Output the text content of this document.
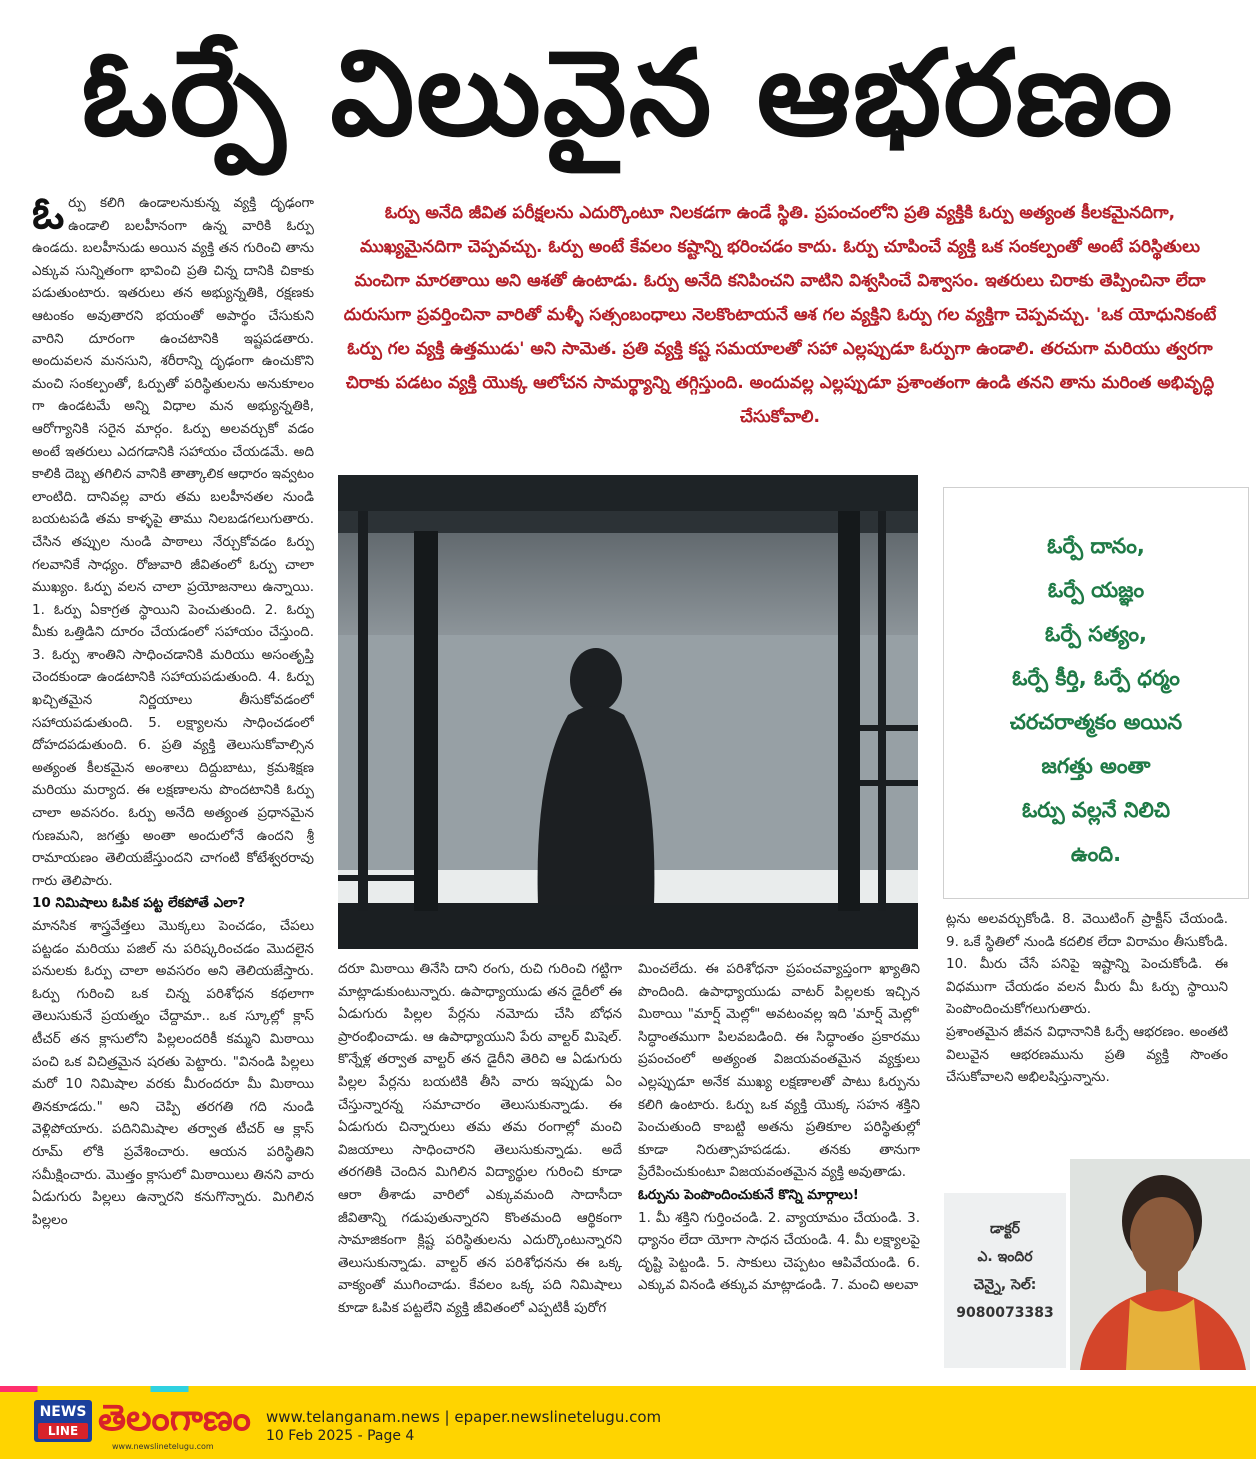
ఓర్పే విలువైన ఆభరణం

ఓర్పు కలిగి ఉండాలనుకున్న వ్యక్తి దృఢంగా ఉండాలి బలహీనంగా ఉన్న వారికి ఓర్పు ఉండదు. బలహీనుడు అయిన వ్యక్తి తన గురించి తాను ఎక్కువ సున్నితంగా భావించి ప్రతి చిన్న దానికి చికాకు పడుతుంటారు. ఇతరులు తన అభ్యున్నతికి, రక్షణకు ఆటంకం అవుతారని భయంతో అపార్థం చేసుకుని వారిని దూరంగా ఉంచటానికి ఇష్టపడతారు. అందువలన మనసుని, శరీరాన్ని దృఢంగా ఉంచుకొని మంచి సంకల్పంతో, ఓర్పుతో పరిస్థితులను అనుకూలం గా ఉండటమే అన్ని విధాల మన అభ్యున్నతికి, ఆరోగ్యానికి సరైన మార్గం. ఓర్పు అలవర్చుకో వడం అంటే ఇతరులు ఎదగడానికి సహాయం చేయడమే. అది కాలికి దెబ్బ తగిలిన వానికి తాత్కాలిక ఆధారం ఇవ్వటం లాంటిది. దానివల్ల వారు తమ బలహీనతల నుండి బయటపడి తమ కాళ్ళపై తాము నిలబడగలుగుతారు. చేసిన తప్పుల నుండి పాఠాలు నేర్చుకోవడం ఓర్పు గలవానికే సాధ్యం. రోజువారి జీవితంలో ఓర్పు చాలా ముఖ్యం. ఓర్పు వలన చాలా ప్రయోజనాలు ఉన్నాయి. 1. ఓర్పు ఏకాగ్రత స్థాయిని పెంచుతుంది. 2. ఓర్పు మీకు ఒత్తిడిని దూరం చేయడంలో సహాయం చేస్తుంది. 3. ఓర్పు శాంతిని సాధించడానికి మరియు అసంతృప్తి చెందకుండా ఉండటానికి సహాయపడుతుంది. 4. ఓర్పు ఖచ్చితమైన నిర్ణయాలు తీసుకోవడంలో సహాయపడుతుంది. 5. లక్ష్యాలను సాధించడంలో దోహదపడుతుంది. 6. ప్రతి వ్యక్తి తెలుసుకోవాల్సిన అత్యంత కీలకమైన అంశాలు దిద్దుబాటు, క్రమశిక్షణ మరియు మర్యాద. ఈ లక్షణాలను పొందటానికి ఓర్పు చాలా అవసరం. ఓర్పు అనేది అత్యంత ప్రధానమైన గుణమని, జగత్తు అంతా అందులోనే ఉందని శ్రీ రామాయణం తెలియజేస్తుందని చాగంటి కోటేశ్వరరావు గారు తెలిపారు.

10 నిమిషాలు ఓపిక పట్ట లేకపోతే ఎలా?

మానసిక శాస్త్రవేత్తలు మొక్కలు పెంచడం, చేపలు పట్టడం మరియు పజిల్ ను పరిష్కరించడం మొదలైన పనులకు ఓర్పు చాలా అవసరం అని తెలియజేస్తారు. ఓర్పు గురించి ఒక చిన్న పరిశోధన కథలాగా తెలుసుకునే ప్రయత్నం చేద్దామా.. ఒక స్కూల్లో క్లాస్ టీచర్ తన క్లాసులోని పిల్లలందరికీ కమ్మని మిఠాయి పంచి ఒక విచిత్రమైన షరతు పెట్టారు. "వినండి పిల్లలు మరో 10 నిమిషాల వరకు మీరందరూ మీ మిఠాయి తినకూడదు." అని చెప్పి తరగతి గది నుండి వెళ్లిపోయారు. పదినిమిషాల తర్వాత టీచర్ ఆ క్లాస్ రూమ్ లోకి ప్రవేశించారు. ఆయన పరిస్థితిని సమీక్షించారు. మొత్తం క్లాసులో మిఠాయిలు తినని వారు ఏడుగురు పిల్లలు ఉన్నారని కనుగొన్నారు. మిగిలిన పిల్లలం

ఓర్పు అనేది జీవిత పరీక్షలను ఎదుర్కొంటూ నిలకడగా ఉండే స్థితి. ప్రపంచంలోని ప్రతి వ్యక్తికి ఓర్పు అత్యంత కీలకమైనదిగా, ముఖ్యమైనదిగా చెప్పవచ్చు. ఓర్పు అంటే కేవలం కష్టాన్ని భరించడం కాదు. ఓర్పు చూపించే వ్యక్తి ఒక సంకల్పంతో అంటే పరిస్థితులు మంచిగా మారతాయి అని ఆశతో ఉంటాడు. ఓర్పు అనేది కనిపించని వాటిని విశ్వసించే విశ్వాసం. ఇతరులు చిరాకు తెప్పించినా లేదా దురుసుగా ప్రవర్తించినా వారితో మళ్ళీ సత్సంబంధాలు నెలకొంటాయనే ఆశ గల వ్యక్తిని ఓర్పు గల వ్యక్తిగా చెప్పవచ్చు. 'ఒక యోధునికంటే ఓర్పు గల వ్యక్తి ఉత్తముడు' అని సామెత. ప్రతి వ్యక్తి కష్ట సమయాలతో సహా ఎల్లప్పుడూ ఓర్పుగా ఉండాలి. తరచుగా మరియు త్వరగా చిరాకు పడటం వ్యక్తి యొక్క ఆలోచన సామర్థ్యాన్ని తగ్గిస్తుంది. అందువల్ల ఎల్లప్పుడూ ప్రశాంతంగా ఉండి తనని తాను మరింత అభివృద్ధి చేసుకోవాలి.
ఓర్పే దానం,
ఓర్పే యజ్ఞం
ఓర్పే సత్యం,
ఓర్పే కీర్తి, ఓర్పే ధర్మం
చరచరాత్మకం అయిన
జగత్తు అంతా
ఓర్పు వల్లనే నిలిచి
ఉంది.

దరూ మిఠాయి తినేసి దాని రంగు, రుచి గురించి గట్టిగా మాట్లాడుకుంటున్నారు. ఉపాధ్యాయుడు తన డైరీలో ఈ ఏడుగురు పిల్లల పేర్లను నమోదు చేసి బోధన ప్రారంభించాడు. ఆ ఉపాధ్యాయుని పేరు వాల్టర్ మిషెల్. కొన్నేళ్ల తర్వాత వాల్టర్ తన డైరీని తెరిచి ఆ ఏడుగురు పిల్లల పేర్లను బయటికి తీసి వారు ఇప్పుడు ఏం చేస్తున్నారన్న సమాచారం తెలుసుకున్నాడు. ఈ ఏడుగురు చిన్నారులు తమ తమ రంగాల్లో మంచి విజయాలు సాధించారని తెలుసుకున్నాడు. అదే తరగతికి చెందిన మిగిలిన విద్యార్థుల గురించి కూడా ఆరా తీశాడు వారిలో ఎక్కువమంది సాదాసీదా జీవితాన్ని గడుపుతున్నారని కొంతమంది ఆర్థికంగా సామాజికంగా క్లిష్ట పరిస్థితులను ఎదుర్కొంటున్నారని తెలుసుకున్నాడు. వాల్టర్ తన పరిశోధనను ఈ ఒక్క వాక్యంతో ముగించాడు. కేవలం ఒక్క పది నిమిషాలు కూడా ఓపిక పట్టలేని వ్యక్తి జీవితంలో ఎప్పటికీ పురోగ

మించలేదు. ఈ పరిశోధనా ప్రపంచవ్యాప్తంగా ఖ్యాతిని పొందింది. ఉపాధ్యాయుడు వాటర్ పిల్లలకు ఇచ్చిన మిఠాయి "మార్ష్ మెల్లో" అవటంవల్ల ఇది 'మార్ష్ మెల్లో' సిద్ధాంతముగా పిలవబడింది. ఈ సిద్ధాంతం ప్రకారము ప్రపంచంలో అత్యంత విజయవంతమైన వ్యక్తులు ఎల్లప్పుడూ అనేక ముఖ్య లక్షణాలతో పాటు ఓర్పును కలిగి ఉంటారు. ఓర్పు ఒక వ్యక్తి యొక్క సహన శక్తిని పెంచుతుంది కాబట్టి అతను ప్రతికూల పరిస్థితుల్లో కూడా నిరుత్సాహపడడు. తనకు తానుగా ప్రేరేపించుకుంటూ విజయవంతమైన వ్యక్తి అవుతాడు.

ఓర్పును పెంపొందించుకునే కొన్ని మార్గాలు!

1. మీ శక్తిని గుర్తించండి. 2. వ్యాయామం చేయండి. 3. ధ్యానం లేదా యోగా సాధన చేయండి. 4. మీ లక్ష్యాలపై దృష్టి పెట్టండి. 5. సాకులు చెప్పటం ఆపివేయండి. 6. ఎక్కువ వినండి తక్కువ మాట్లాడండి. 7. మంచి అలవా

ట్లను అలవర్చుకోండి. 8. వెయిటింగ్ ప్రాక్టీస్ చేయండి. 9. ఒకే స్థితిలో నుండి కదలిక లేదా విరామం తీసుకోండి. 10. మీరు చేసే పనిపై ఇష్టాన్ని పెంచుకోండి. ఈ విధముగా చేయడం వలన మీరు మీ ఓర్పు స్థాయిని పెంపొందించుకోగలుగుతారు.

ప్రశాంతమైన జీవన విధానానికి ఓర్పే ఆభరణం. అంతటి విలువైన ఆభరణమును ప్రతి వ్యక్తి సొంతం చేసుకోవాలని అభిలషిస్తున్నాను.

డాక్టర్
ఎ. ఇందిర
చెన్నై, సెల్:
9080073383
NEWS
LINE తెలంగాణం
www.newslinetelugu.com
www.telanganam.news | epaper.newslinetelugu.com
10 Feb 2025 - Page 4
